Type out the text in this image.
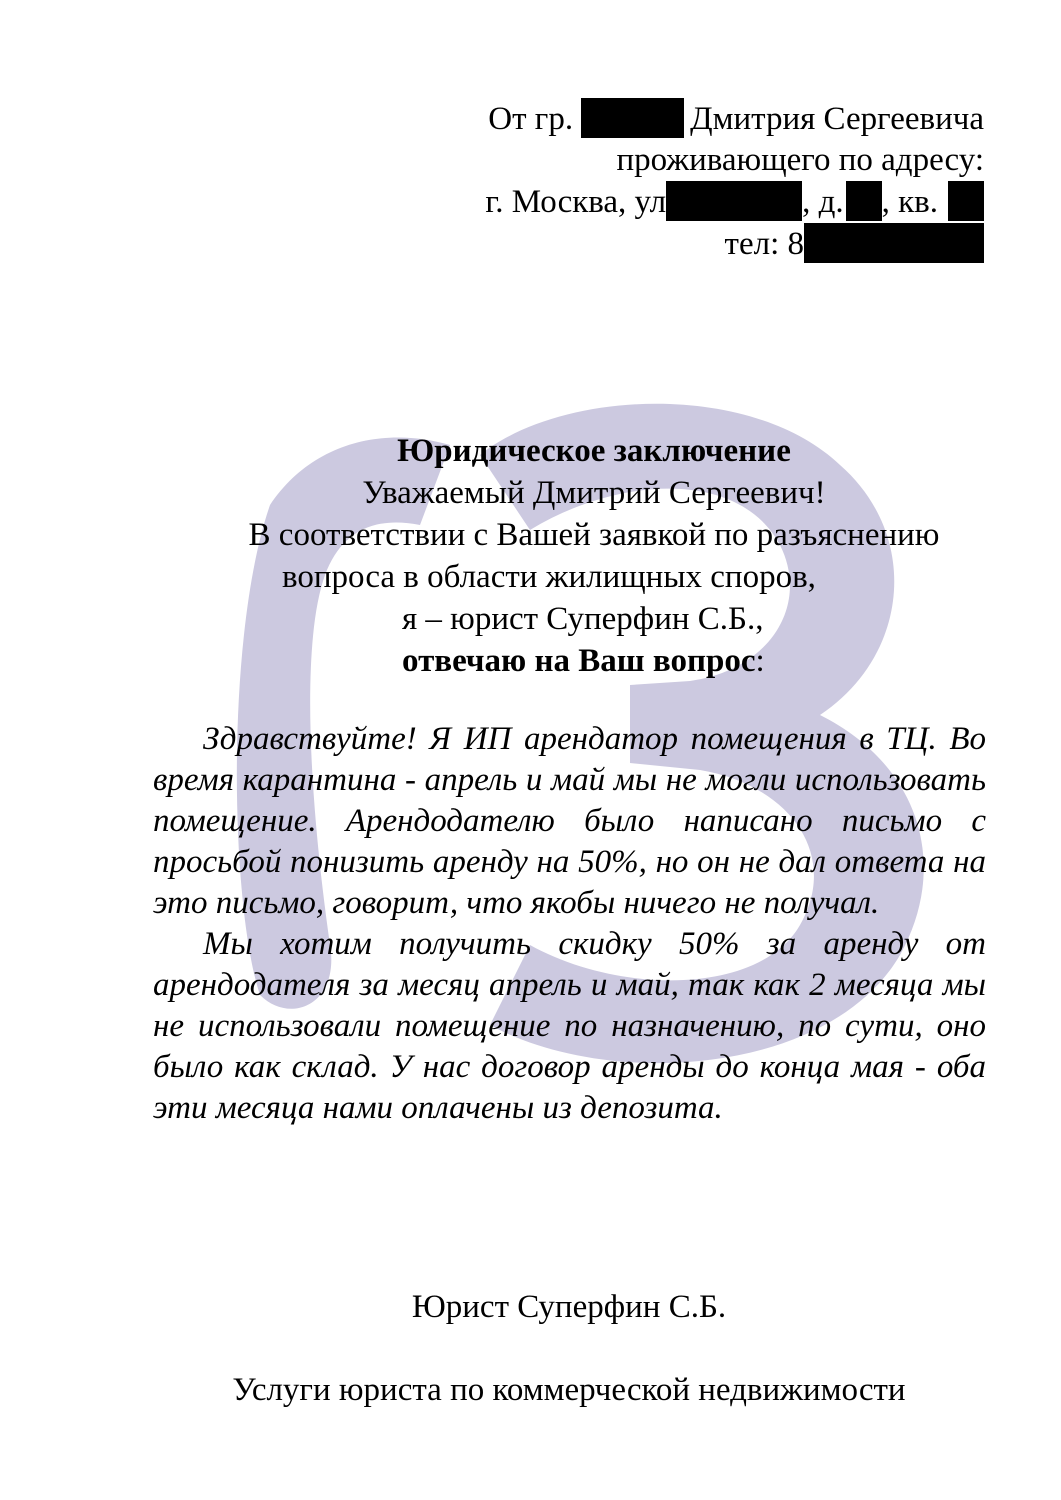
От гр.	Дмитрия Сергеевича
проживающего по адресу:
г. Москва, ул	, д. , кв.
тел: 8
Юридическое заключение
Уважаемый Дмитрий Сергеевич!
В соответствии с Вашей заявкой по разъяснению
вопроса в области жилищных споров,
я – юрист Суперфин С.Б.,
отвечаю на Ваш вопрос:

Здравствуйте! Я ИП арендатор помещения в ТЦ. Во время карантина - апрель и май мы не могли использовать помещение. Арендодателю было написано письмо с просьбой понизить аренду на 50%, но он не дал ответа на это письмо, говорит, что якобы ничего не получал.

Мы хотим получить скидку 50% за аренду от арендодателя за месяц апрель и май, так как 2 месяца мы не использовали помещение по назначению, по сути, оно было как склад. У нас договор аренды до конца мая - оба эти месяца нами оплачены из депозита.

Юрист Суперфин С.Б.
Услуги юриста по коммерческой недвижимости
